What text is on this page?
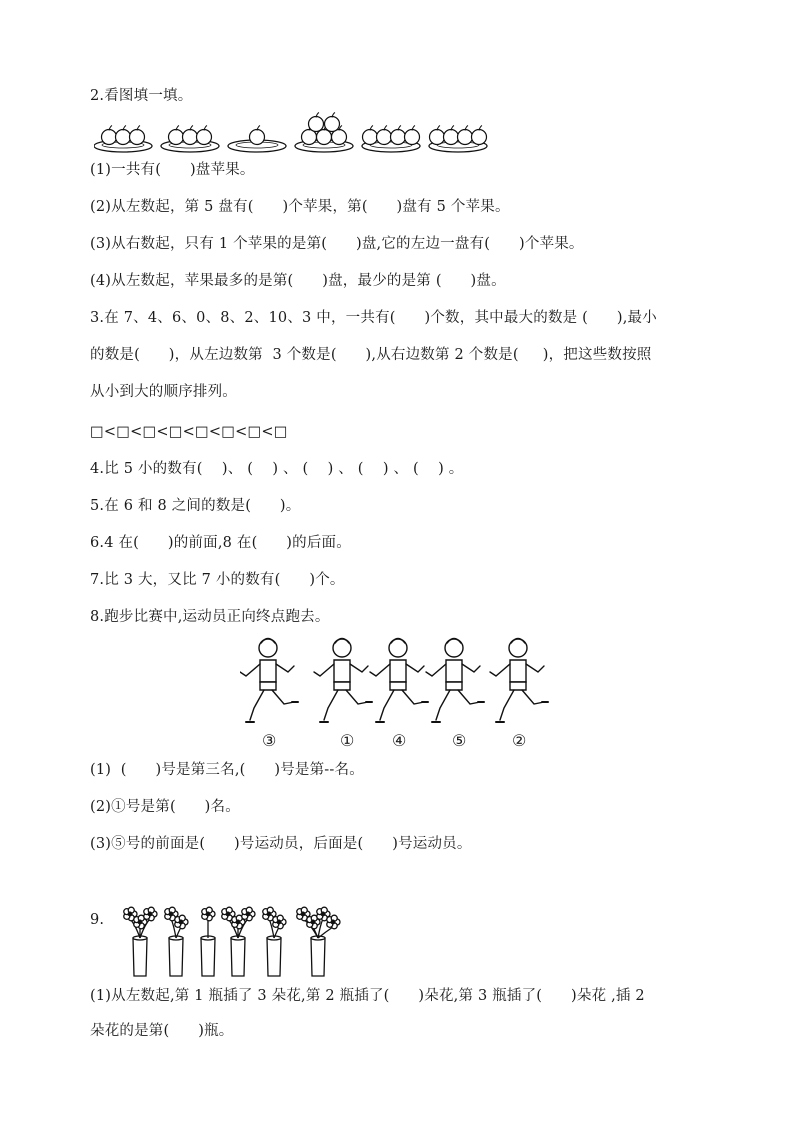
2.看图填一填。
(1)一共有(      )盘苹果。
(2)从左数起，第 5 盘有(      )个苹果，第(      )盘有 5 个苹果。
(3)从右数起，只有 1 个苹果的是第(      )盘,它的左边一盘有(      )个苹果。
(4)从左数起，苹果最多的是第(      )盘，最少的是第 (      )盘。
3.在 7、4、6、0、8、2、10、3 中，一共有(      )个数，其中最大的数是 (      ),最小
的数是(      )，从左边数第  3 个数是(      ),从右边数第 2 个数是(     )，把这些数按照
从小到大的顺序排列。
□<□<□<□<□<□<□<□
4.比 5 小的数有(    )、 (    ) 、 (    ) 、 (    ) 、 (    ) 。
5.在 6 和 8 之间的数是(      )。
6.4 在(      )的前面,8 在(      )的后面。
7.比 3 大，又比 7 小的数有(      )个。
8.跑步比赛中,运动员正向终点跑去。
③	① ④	⑤	②
(1)  (      )号是第三名,(      )号是第--名。
(2)①号是第(      )名。
(3)⑤号的前面是(      )号运动员，后面是(      )号运动员。
9.
(1)从左数起,第 1 瓶插了 3 朵花,第 2 瓶插了(      )朵花,第 3 瓶插了(      )朵花 ,插 2
朵花的是第(      )瓶。
